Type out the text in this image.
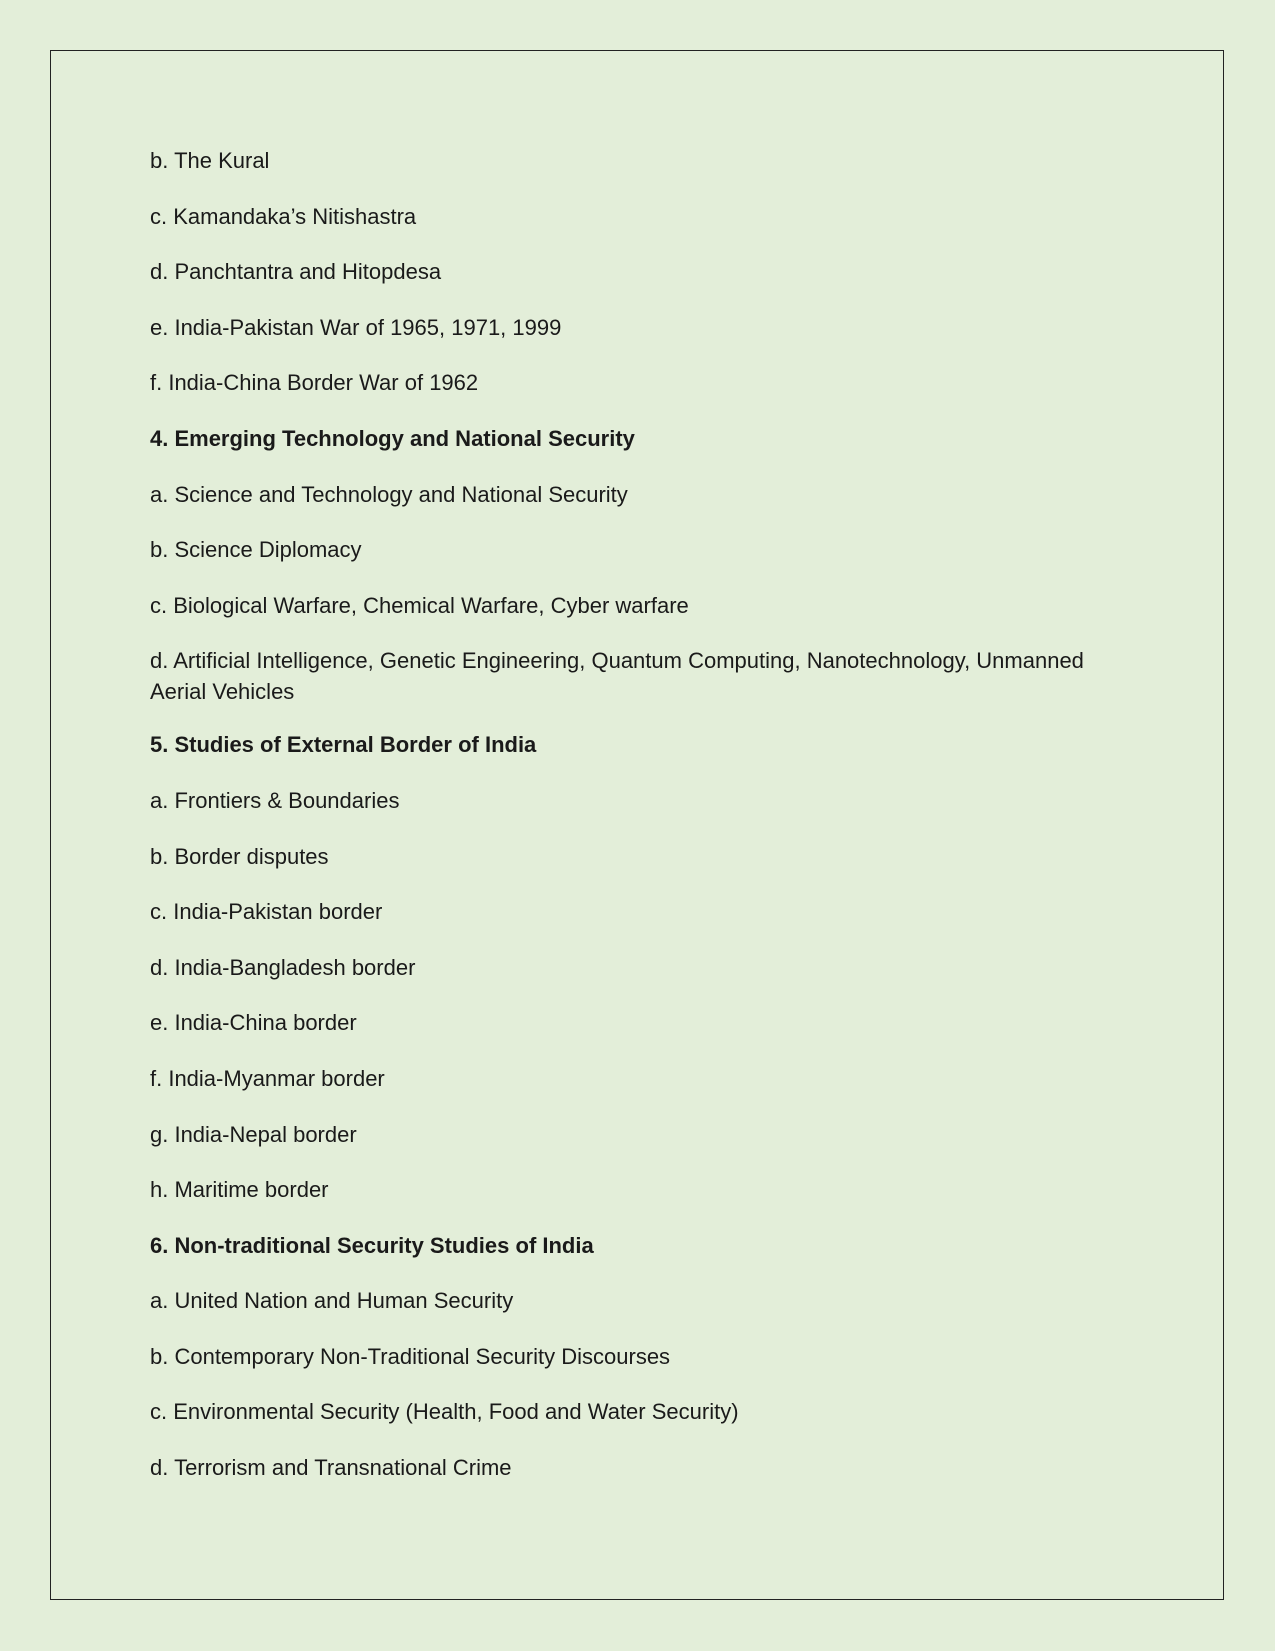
b. The Kural

c. Kamandaka’s Nitishastra

d. Panchtantra and Hitopdesa

e. India-Pakistan War of 1965, 1971, 1999

f. India-China Border War of 1962

4. Emerging Technology and National Security

a. Science and Technology and National Security

b. Science Diplomacy

c. Biological Warfare, Chemical Warfare, Cyber warfare

d. Artificial Intelligence, Genetic Engineering, Quantum Computing, Nanotechnology, Unmanned Aerial Vehicles

5. Studies of External Border of India

a. Frontiers & Boundaries

b. Border disputes

c. India-Pakistan border

d. India-Bangladesh border

e. India-China border

f. India-Myanmar border

g. India-Nepal border

h. Maritime border

6. Non-traditional Security Studies of India

a. United Nation and Human Security

b. Contemporary Non-Traditional Security Discourses

c. Environmental Security (Health, Food and Water Security)

d. Terrorism and Transnational Crime
